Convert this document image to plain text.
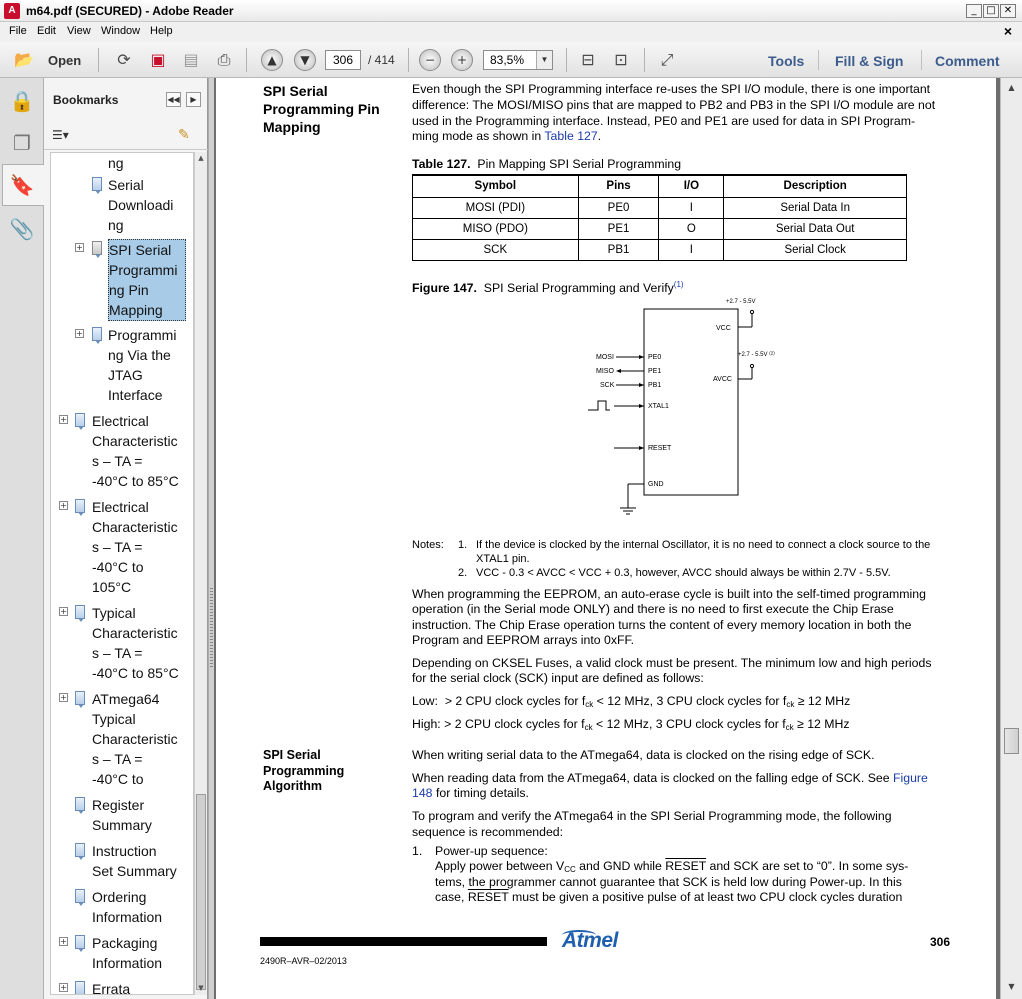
A m64.pdf (SECURED) - Adobe Reader	_ □ ✕
File Edit View Window Help	×
📂 Open	⟳	▣ ▤	⎙	▲	▼	306	/ 414	−	+	83,5%	▼	⊟	⊡	⤢	Tools Fill & Sign Comment
🔒
❐
🔖
📎
Bookmarks	◀◀	▶
☰▾	✎
ng
Serial
Downloadi
ng
+ SPI Serial
Programmi
ng Pin
Mapping
+ Programmi
ng Via the
JTAG
Interface
+ Electrical
Characteristic
s – TA =
-40°C to 85°C
+ Electrical
Characteristic
s – TA =
-40°C to
105°C
+ Typical
Characteristic
s – TA =
-40°C to 85°C
+ ATmega64
Typical
Characteristic
s – TA =
-40°C to
Register
Summary
Instruction
Set Summary
Ordering
Information
+ Packaging
Information
+ Errata
▲
▼
SPI Serial
Programming Pin
Mapping
Even though the SPI Programming interface re-uses the SPI I/O module, there is one important
difference: The MOSI/MISO pins that are mapped to PB2 and PB3 in the SPI I/O module are not
used in the Programming interface. Instead, PE0 and PE1 are used for data in SPI Program-
ming mode as shown in Table 127.
Table 127. Pin Mapping SPI Serial Programming
Symbol	Pins	I/O	Description
MOSI (PDI)	PE0	I	Serial Data In
MISO (PDO)	PE1	O	Serial Data Out
SCK	PB1	I	Serial Clock
Figure 147. SPI Serial Programming and Verify$^{(1)}$
VCC
+2.7 - 5.5V
AVCC
+2.7 - 5.5V $^{(2)}$
PE0
PE1
PB1
MOSI
MISO
SCK
XTAL1
RESET
GND
Notes: 1. If the device is clocked by the internal Oscillator, it is no need to connect a clock source to the
XTAL1 pin.
2. VCC - 0.3 < AVCC < VCC + 0.3, however, AVCC should always be within 2.7V - 5.5V.
When programming the EEPROM, an auto-erase cycle is built into the self-timed programming
operation (in the Serial mode ONLY) and there is no need to first execute the Chip Erase
instruction. The Chip Erase operation turns the content of every memory location in both the
Program and EEPROM arrays into 0xFF.
Depending on CKSEL Fuses, a valid clock must be present. The minimum low and high periods
for the serial clock (SCK) input are defined as follows:
Low: > 2 CPU clock cycles for $f_{ck} < 12$ MHz, 3 CPU clock cycles for $f_{ck} \ge 12$ MHz
High: > 2 CPU clock cycles for $f_{ck} < 12$ MHz, 3 CPU clock cycles for $f_{ck} \ge 12$ MHz
SPI Serial
Programming
Algorithm
When writing serial data to the ATmega64, data is clocked on the rising edge of SCK.
When reading data from the ATmega64, data is clocked on the falling edge of SCK. See Figure
148 for timing details.
To program and verify the ATmega64 in the SPI Serial Programming mode, the following
sequence is recommended:
1. Power-up sequence:
Apply power between $V_{CC}$ and GND while RESET and SCK are set to “0”. In some sys-
tems, the programmer cannot guarantee that SCK is held low during Power-up. In this
case, RESET must be given a positive pulse of at least two CPU clock cycles duration
Atmel	306
2490R–AVR–02/2013
▲
▼
